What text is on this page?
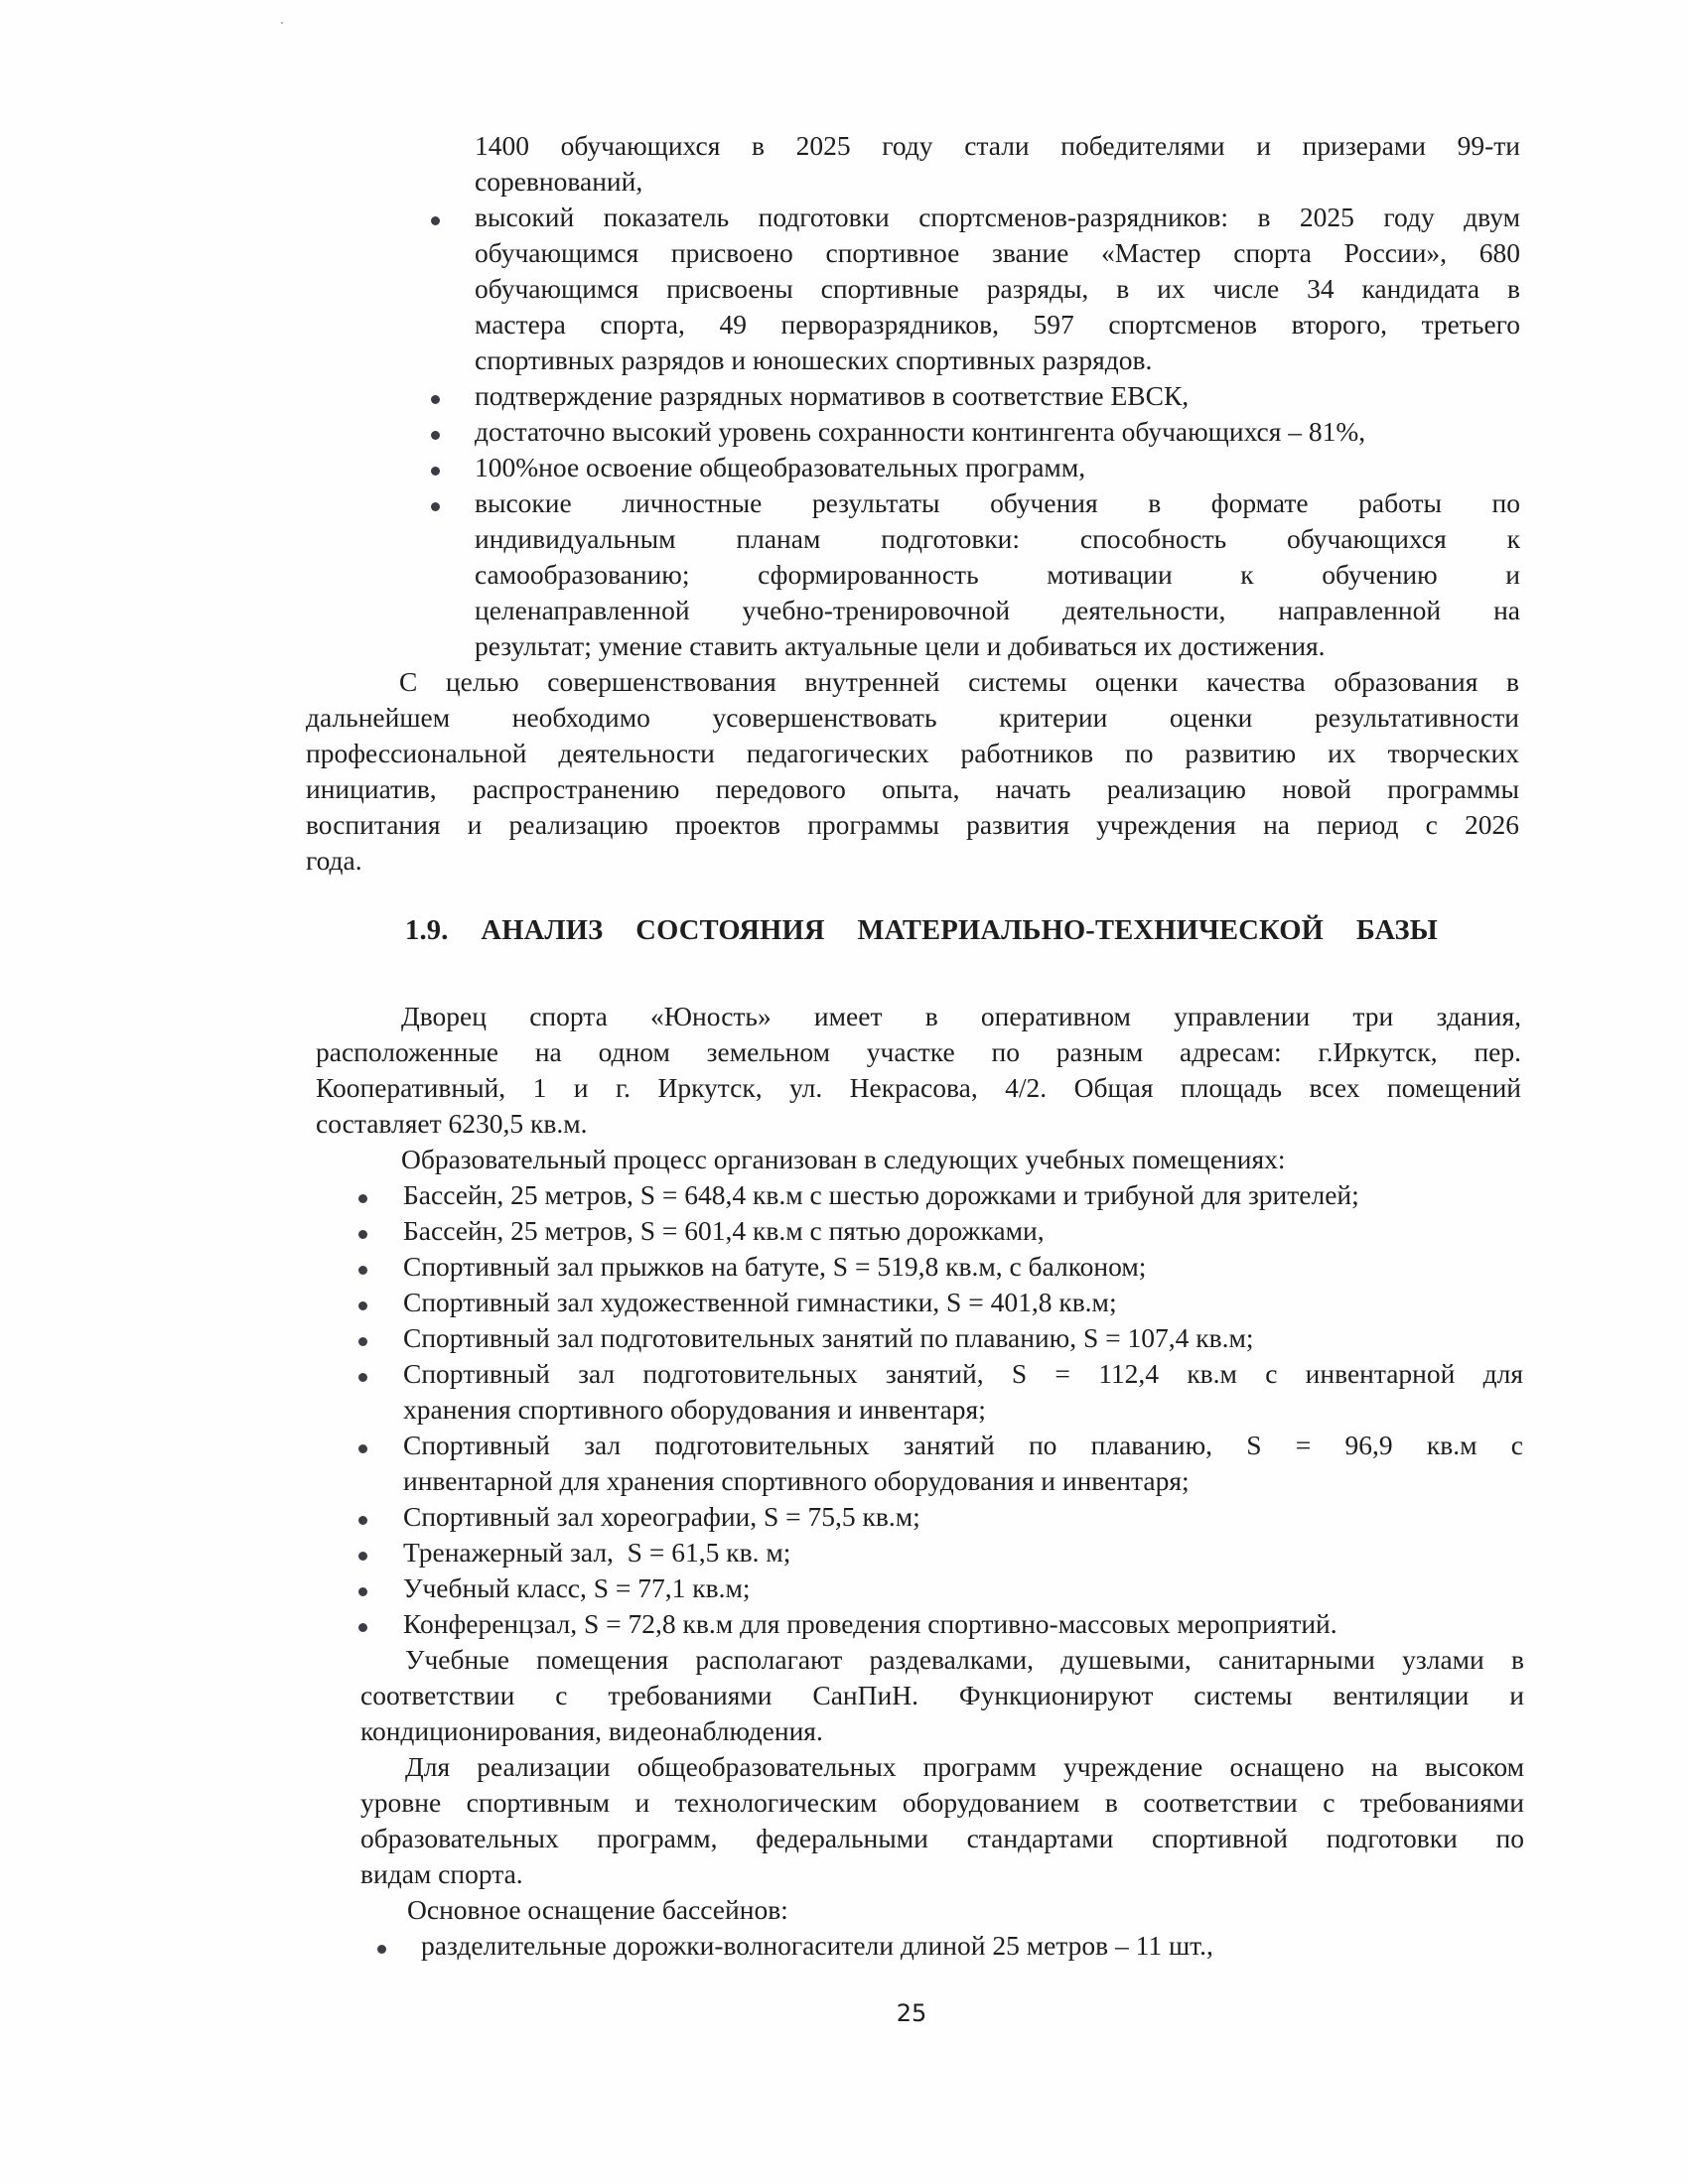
1400 обучающихся в 2025 году стали победителями и призерами 99-ти
соревнований,
высокий показатель подготовки спортсменов-разрядников: в 2025 году двум
обучающимся присвоено спортивное звание «Мастер спорта России», 680
обучающимся присвоены спортивные разряды, в их числе 34 кандидата в
мастера спорта, 49 перворазрядников, 597 спортсменов второго, третьего
спортивных разрядов и юношеских спортивных разрядов.
подтверждение разрядных нормативов в соответствие ЕВСК,
достаточно высокий уровень сохранности контингента обучающихся – 81%,
100%ное освоение общеобразовательных программ,
высокие личностные результаты обучения в формате работы по
индивидуальным планам подготовки: способность обучающихся к
самообразованию; сформированность мотивации к обучению и
целенаправленной учебно-тренировочной деятельности, направленной на
результат; умение ставить актуальные цели и добиваться их достижения.
С целью совершенствования внутренней системы оценки качества образования в
дальнейшем необходимо усовершенствовать критерии оценки результативности
профессиональной деятельности педагогических работников по развитию их творческих
инициатив, распространению передового опыта, начать реализацию новой программы
воспитания и реализацию проектов программы развития учреждения на период с 2026
года.
1.9. АНАЛИЗ СОСТОЯНИЯ МАТЕРИАЛЬНО-ТЕХНИЧЕСКОЙ БАЗЫ
Дворец спорта «Юность» имеет в оперативном управлении три здания,
расположенные на одном земельном участке по разным адресам: г.Иркутск, пер.
Кооперативный, 1 и г. Иркутск, ул. Некрасова, 4/2. Общая площадь всех помещений
составляет 6230,5 кв.м.
Образовательный процесс организован в следующих учебных помещениях:
Бассейн, 25 метров, S = 648,4 кв.м с шестью дорожками и трибуной для зрителей;
Бассейн, 25 метров, S = 601,4 кв.м с пятью дорожками,
Спортивный зал прыжков на батуте, S = 519,8 кв.м, с балконом;
Спортивный зал художественной гимнастики, S = 401,8 кв.м;
Спортивный зал подготовительных занятий по плаванию, S = 107,4 кв.м;
Спортивный зал подготовительных занятий, S = 112,4 кв.м с инвентарной для
хранения спортивного оборудования и инвентаря;
Спортивный зал подготовительных занятий по плаванию, S = 96,9 кв.м с
инвентарной для хранения спортивного оборудования и инвентаря;
Спортивный зал хореографии, S = 75,5 кв.м;
Тренажерный зал,  S = 61,5 кв. м;
Учебный класс, S = 77,1 кв.м;
Конференцзал, S = 72,8 кв.м для проведения спортивно-массовых мероприятий.
Учебные помещения располагают раздевалками, душевыми, санитарными узлами в
соответствии с требованиями СанПиН. Функционируют системы вентиляции и
кондиционирования, видеонаблюдения.
Для реализации общеобразовательных программ учреждение оснащено на высоком
уровне спортивным и технологическим оборудованием в соответствии с требованиями
образовательных программ, федеральными стандартами спортивной подготовки по
видам спорта.
Основное оснащение бассейнов:
разделительные дорожки-волногасители длиной 25 метров – 11 шт.,
25
